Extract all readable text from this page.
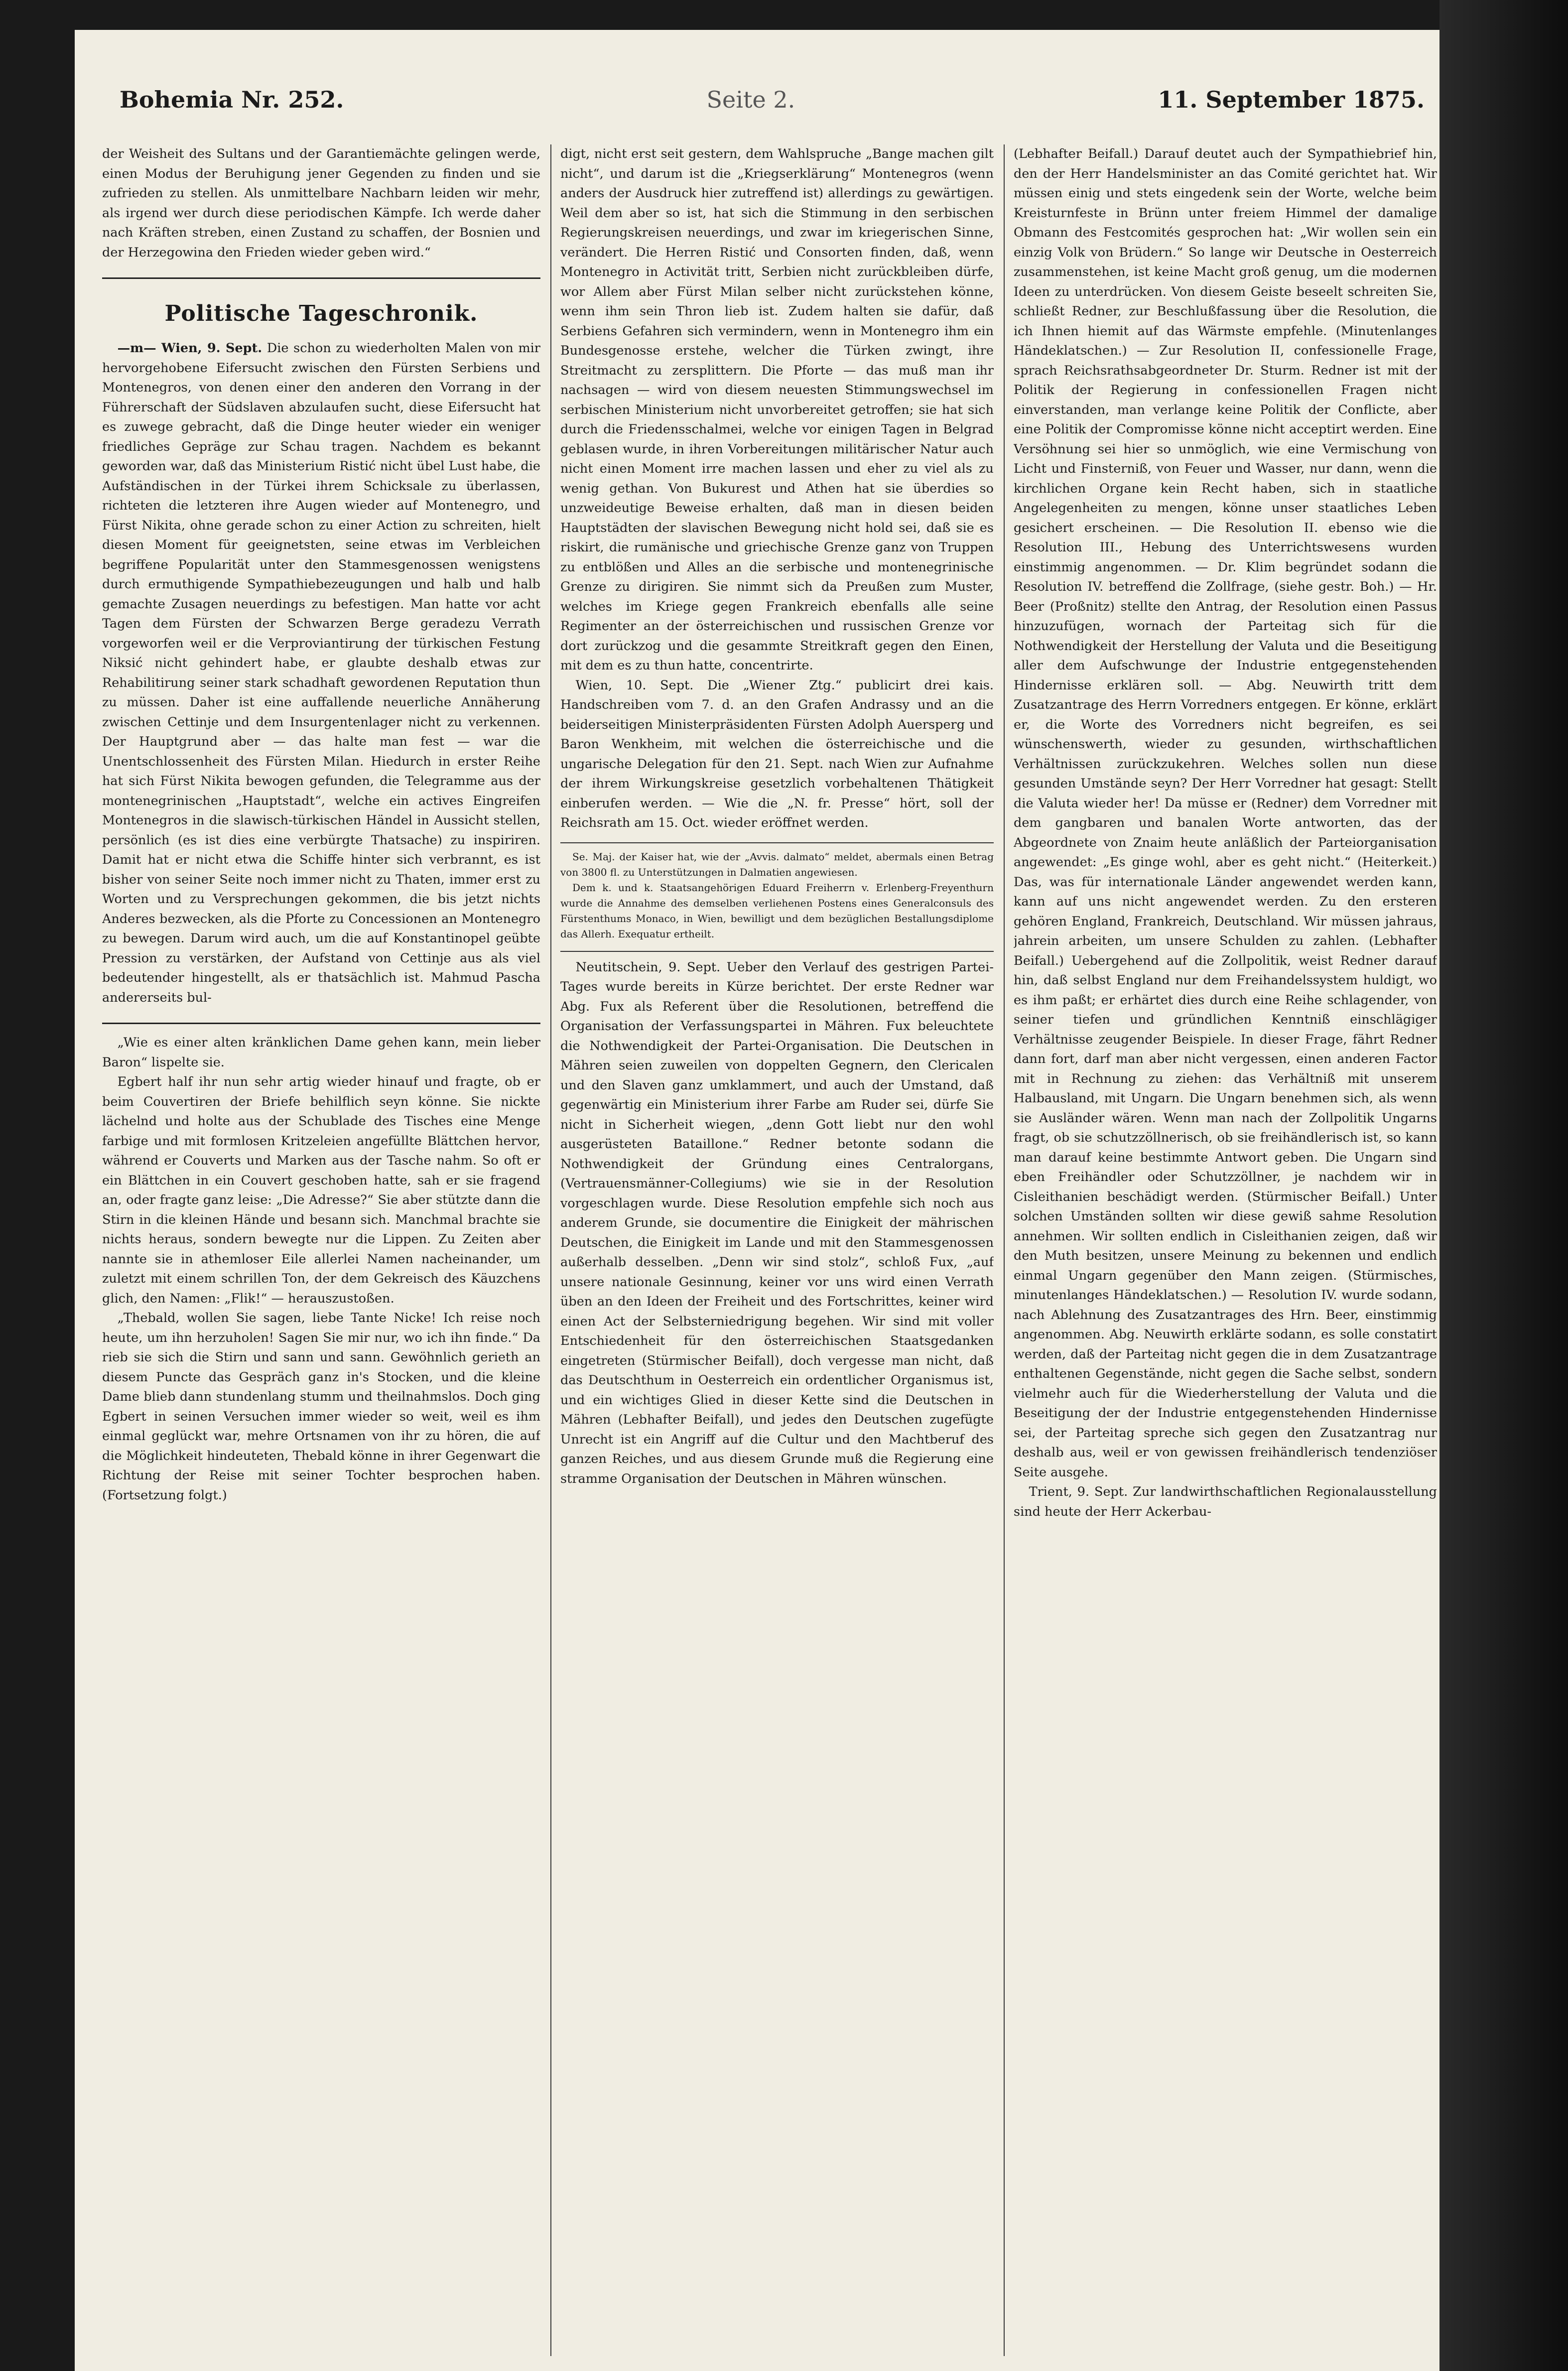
Bohemia Nr. 252.	Seite 2.	11. September 1875.

der Weisheit des Sultans und der Garantiemächte gelingen werde, einen Modus der Beruhigung jener Gegenden zu finden und sie zufrieden zu stellen. Als unmittelbare Nachbarn leiden wir mehr, als irgend wer durch diese periodischen Kämpfe. Ich werde daher nach Kräften streben, einen Zustand zu schaffen, der Bosnien und der Herzegowina den Frieden wieder geben wird.“

Politische Tageschronik.

—m— Wien, 9. Sept. Die schon zu wiederholten Malen von mir hervorgehobene Eifersucht zwischen den Fürsten Serbiens und Montenegros, von denen einer den anderen den Vorrang in der Führerschaft der Südslaven abzulaufen sucht, diese Eifersucht hat es zuwege gebracht, daß die Dinge heuter wieder ein weniger friedliches Gepräge zur Schau tragen. Nachdem es bekannt geworden war, daß das Ministerium Ristić nicht übel Lust habe, die Aufständischen in der Türkei ihrem Schicksale zu überlassen, richteten die letzteren ihre Augen wieder auf Montenegro, und Fürst Nikita, ohne gerade schon zu einer Action zu schreiten, hielt diesen Moment für geeignetsten, seine etwas im Verbleichen begriffene Popularität unter den Stammesgenossen wenigstens durch ermuthigende Sympathiebezeugungen und halb und halb gemachte Zusagen neuerdings zu befestigen. Man hatte vor acht Tagen dem Fürsten der Schwarzen Berge geradezu Verrath vorgeworfen weil er die Verproviantirung der türkischen Festung Niksić nicht gehindert habe, er glaubte deshalb etwas zur Rehabilitirung seiner stark schadhaft gewordenen Reputation thun zu müssen. Daher ist eine auffallende neuerliche Annäherung zwischen Cettinje und dem Insurgentenlager nicht zu verkennen. Der Hauptgrund aber — das halte man fest — war die Unentschlossenheit des Fürsten Milan. Hiedurch in erster Reihe hat sich Fürst Nikita bewogen gefunden, die Telegramme aus der montenegrinischen „Hauptstadt“, welche ein actives Eingreifen Montenegros in die slawisch-türkischen Händel in Aussicht stellen, persönlich (es ist dies eine verbürgte Thatsache) zu inspiriren. Damit hat er nicht etwa die Schiffe hinter sich verbrannt, es ist bisher von seiner Seite noch immer nicht zu Thaten, immer erst zu Worten und zu Versprechungen gekommen, die bis jetzt nichts Anderes bezwecken, als die Pforte zu Concessionen an Montenegro zu bewegen. Darum wird auch, um die auf Konstantinopel geübte Pression zu verstärken, der Aufstand von Cettinje aus als viel bedeutender hingestellt, als er thatsächlich ist. Mahmud Pascha andererseits bul-

„Wie es einer alten kränklichen Dame gehen kann, mein lieber Baron“ lispelte sie.

Egbert half ihr nun sehr artig wieder hinauf und fragte, ob er beim Couvertiren der Briefe behilflich seyn könne. Sie nickte lächelnd und holte aus der Schublade des Tisches eine Menge farbige und mit formlosen Kritzeleien angefüllte Blättchen hervor, während er Couverts und Marken aus der Tasche nahm. So oft er ein Blättchen in ein Couvert geschoben hatte, sah er sie fragend an, oder fragte ganz leise: „Die Adresse?“ Sie aber stützte dann die Stirn in die kleinen Hände und besann sich. Manchmal brachte sie nichts heraus, sondern bewegte nur die Lippen. Zu Zeiten aber nannte sie in athemloser Eile allerlei Namen nacheinander, um zuletzt mit einem schrillen Ton, der dem Gekreisch des Käuzchens glich, den Namen: „Flik!“ — herauszustoßen.

„Thebald, wollen Sie sagen, liebe Tante Nicke! Ich reise noch heute, um ihn herzuholen! Sagen Sie mir nur, wo ich ihn finde.“ Da rieb sie sich die Stirn und sann und sann. Gewöhnlich gerieth an diesem Puncte das Gespräch ganz in's Stocken, und die kleine Dame blieb dann stundenlang stumm und theilnahmslos. Doch ging Egbert in seinen Versuchen immer wieder so weit, weil es ihm einmal geglückt war, mehre Ortsnamen von ihr zu hören, die auf die Möglichkeit hindeuteten, Thebald könne in ihrer Gegenwart die Richtung der Reise mit seiner Tochter besprochen haben. (Fortsetzung folgt.)

digt, nicht erst seit gestern, dem Wahlspruche „Bange machen gilt nicht“, und darum ist die „Kriegserklärung“ Montenegros (wenn anders der Ausdruck hier zutreffend ist) allerdings zu gewärtigen. Weil dem aber so ist, hat sich die Stimmung in den serbischen Regierungskreisen neuerdings, und zwar im kriegerischen Sinne, verändert. Die Herren Ristić und Consorten finden, daß, wenn Montenegro in Activität tritt, Serbien nicht zurückbleiben dürfe, wor Allem aber Fürst Milan selber nicht zurückstehen könne, wenn ihm sein Thron lieb ist. Zudem halten sie dafür, daß Serbiens Gefahren sich vermindern, wenn in Montenegro ihm ein Bundesgenosse erstehe, welcher die Türken zwingt, ihre Streitmacht zu zersplittern. Die Pforte — das muß man ihr nachsagen — wird von diesem neuesten Stimmungswechsel im serbischen Ministerium nicht unvorbereitet getroffen; sie hat sich durch die Friedensschalmei, welche vor einigen Tagen in Belgrad geblasen wurde, in ihren Vorbereitungen militärischer Natur auch nicht einen Moment irre machen lassen und eher zu viel als zu wenig gethan. Von Bukurest und Athen hat sie überdies so unzweideutige Beweise erhalten, daß man in diesen beiden Hauptstädten der slavischen Bewegung nicht hold sei, daß sie es riskirt, die rumänische und griechische Grenze ganz von Truppen zu entblößen und Alles an die serbische und montenegrinische Grenze zu dirigiren. Sie nimmt sich da Preußen zum Muster, welches im Kriege gegen Frankreich ebenfalls alle seine Regimenter an der österreichischen und russischen Grenze vor dort zurückzog und die gesammte Streitkraft gegen den Einen, mit dem es zu thun hatte, concentrirte.

Wien, 10. Sept. Die „Wiener Ztg.“ publicirt drei kais. Handschreiben vom 7. d. an den Grafen Andrassy und an die beiderseitigen Ministerpräsidenten Fürsten Adolph Auersperg und Baron Wenkheim, mit welchen die österreichische und die ungarische Delegation für den 21. Sept. nach Wien zur Aufnahme der ihrem Wirkungskreise gesetzlich vorbehaltenen Thätigkeit einberufen werden. — Wie die „N. fr. Presse“ hört, soll der Reichsrath am 15. Oct. wieder eröffnet werden.

Se. Maj. der Kaiser hat, wie der „Avvis. dalmato“ meldet, abermals einen Betrag von 3800 fl. zu Unterstützungen in Dalmatien angewiesen.

Dem k. und k. Staatsangehörigen Eduard Freiherrn v. Erlenberg-Freyenthurn wurde die Annahme des demselben verliehenen Postens eines Generalconsuls des Fürstenthums Monaco, in Wien, bewilligt und dem bezüglichen Bestallungsdiplome das Allerh. Exequatur ertheilt.

Neutitschein, 9. Sept. Ueber den Verlauf des gestrigen Partei-Tages wurde bereits in Kürze berichtet. Der erste Redner war Abg. Fux als Referent über die Resolutionen, betreffend die Organisation der Verfassungspartei in Mähren. Fux beleuchtete die Nothwendigkeit der Partei-Organisation. Die Deutschen in Mähren seien zuweilen von doppelten Gegnern, den Clericalen und den Slaven ganz umklammert, und auch der Umstand, daß gegenwärtig ein Ministerium ihrer Farbe am Ruder sei, dürfe Sie nicht in Sicherheit wiegen, „denn Gott liebt nur den wohl ausgerüsteten Bataillone.“ Redner betonte sodann die Nothwendigkeit der Gründung eines Centralorgans, (Vertrauensmänner-Collegiums) wie sie in der Resolution vorgeschlagen wurde. Diese Resolution empfehle sich noch aus anderem Grunde, sie documentire die Einigkeit der mährischen Deutschen, die Einigkeit im Lande und mit den Stammesgenossen außerhalb desselben. „Denn wir sind stolz“, schloß Fux, „auf unsere nationale Gesinnung, keiner vor uns wird einen Verrath üben an den Ideen der Freiheit und des Fortschrittes, keiner wird einen Act der Selbsterniedrigung begehen. Wir sind mit voller Entschiedenheit für den österreichischen Staatsgedanken eingetreten (Stürmischer Beifall), doch vergesse man nicht, daß das Deutschthum in Oesterreich ein ordentlicher Organismus ist, und ein wichtiges Glied in dieser Kette sind die Deutschen in Mähren (Lebhafter Beifall), und jedes den Deutschen zugefügte Unrecht ist ein Angriff auf die Cultur und den Machtberuf des ganzen Reiches, und aus diesem Grunde muß die Regierung eine stramme Organisation der Deutschen in Mähren wünschen.

(Lebhafter Beifall.) Darauf deutet auch der Sympathiebrief hin, den der Herr Handelsminister an das Comité gerichtet hat. Wir müssen einig und stets eingedenk sein der Worte, welche beim Kreisturnfeste in Brünn unter freiem Himmel der damalige Obmann des Festcomités gesprochen hat: „Wir wollen sein ein einzig Volk von Brüdern.“ So lange wir Deutsche in Oesterreich zusammenstehen, ist keine Macht groß genug, um die modernen Ideen zu unterdrücken. Von diesem Geiste beseelt schreiten Sie, schließt Redner, zur Beschlußfassung über die Resolution, die ich Ihnen hiemit auf das Wärmste empfehle. (Minutenlanges Händeklatschen.) — Zur Resolution II, confessionelle Frage, sprach Reichsrathsabgeordneter Dr. Sturm. Redner ist mit der Politik der Regierung in confessionellen Fragen nicht einverstanden, man verlange keine Politik der Conflicte, aber eine Politik der Compromisse könne nicht acceptirt werden. Eine Versöhnung sei hier so unmöglich, wie eine Vermischung von Licht und Finsterniß, von Feuer und Wasser, nur dann, wenn die kirchlichen Organe kein Recht haben, sich in staatliche Angelegenheiten zu mengen, könne unser staatliches Leben gesichert erscheinen. — Die Resolution II. ebenso wie die Resolution III., Hebung des Unterrichtswesens wurden einstimmig angenommen. — Dr. Klim begründet sodann die Resolution IV. betreffend die Zollfrage, (siehe gestr. Boh.) — Hr. Beer (Proßnitz) stellte den Antrag, der Resolution einen Passus hinzuzufügen, wornach der Parteitag sich für die Nothwendigkeit der Herstellung der Valuta und die Beseitigung aller dem Aufschwunge der Industrie entgegenstehenden Hindernisse erklären soll. — Abg. Neuwirth tritt dem Zusatzantrage des Herrn Vorredners entgegen. Er könne, erklärt er, die Worte des Vorredners nicht begreifen, es sei wünschenswerth, wieder zu gesunden, wirthschaftlichen Verhältnissen zurückzukehren. Welches sollen nun diese gesunden Umstände seyn? Der Herr Vorredner hat gesagt: Stellt die Valuta wieder her! Da müsse er (Redner) dem Vorredner mit dem gangbaren und banalen Worte antworten, das der Abgeordnete von Znaim heute anläßlich der Parteiorganisation angewendet: „Es ginge wohl, aber es geht nicht.“ (Heiterkeit.) Das, was für internationale Länder angewendet werden kann, kann auf uns nicht angewendet werden. Zu den ersteren gehören England, Frankreich, Deutschland. Wir müssen jahraus, jahrein arbeiten, um unsere Schulden zu zahlen. (Lebhafter Beifall.) Uebergehend auf die Zollpolitik, weist Redner darauf hin, daß selbst England nur dem Freihandelssystem huldigt, wo es ihm paßt; er erhärtet dies durch eine Reihe schlagender, von seiner tiefen und gründlichen Kenntniß einschlägiger Verhältnisse zeugender Beispiele. In dieser Frage, fährt Redner dann fort, darf man aber nicht vergessen, einen anderen Factor mit in Rechnung zu ziehen: das Verhältniß mit unserem Halbausland, mit Ungarn. Die Ungarn benehmen sich, als wenn sie Ausländer wären. Wenn man nach der Zollpolitik Ungarns fragt, ob sie schutzzöllnerisch, ob sie freihändlerisch ist, so kann man darauf keine bestimmte Antwort geben. Die Ungarn sind eben Freihändler oder Schutzzöllner, je nachdem wir in Cisleithanien beschädigt werden. (Stürmischer Beifall.) Unter solchen Umständen sollten wir diese gewiß sahme Resolution annehmen. Wir sollten endlich in Cisleithanien zeigen, daß wir den Muth besitzen, unsere Meinung zu bekennen und endlich einmal Ungarn gegenüber den Mann zeigen. (Stürmisches, minutenlanges Händeklatschen.) — Resolution IV. wurde sodann, nach Ablehnung des Zusatzantrages des Hrn. Beer, einstimmig angenommen. Abg. Neuwirth erklärte sodann, es solle constatirt werden, daß der Parteitag nicht gegen die in dem Zusatzantrage enthaltenen Gegenstände, nicht gegen die Sache selbst, sondern vielmehr auch für die Wiederherstellung der Valuta und die Beseitigung der der Industrie entgegenstehenden Hindernisse sei, der Parteitag spreche sich gegen den Zusatzantrag nur deshalb aus, weil er von gewissen freihändlerisch tendenziöser Seite ausgehe.

Trient, 9. Sept. Zur landwirthschaftlichen Regionalausstellung sind heute der Herr Ackerbau-
